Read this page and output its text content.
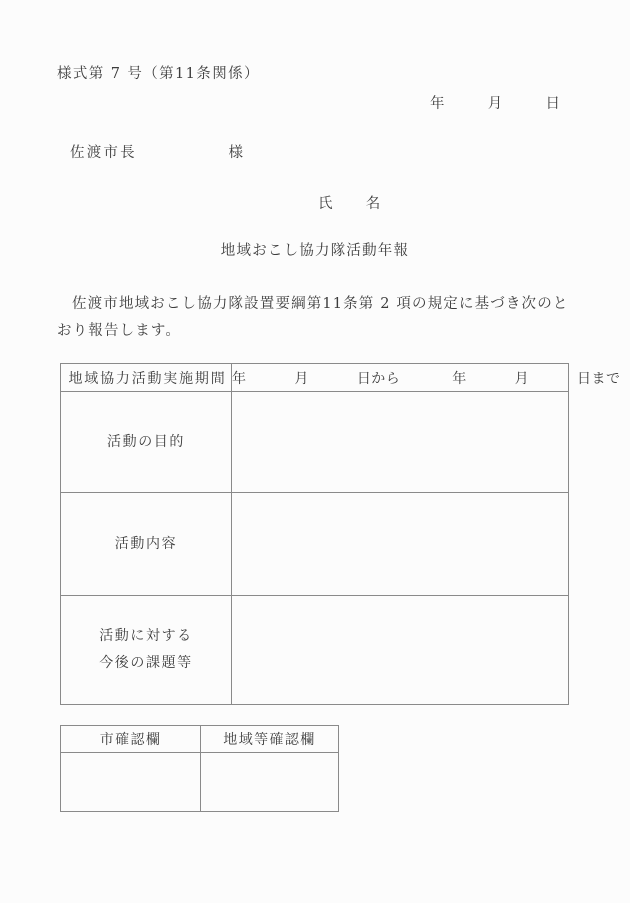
様式第 7 号（第11条関係）
年	月	日
佐渡市長	様
氏 名
地域おこし協力隊活動年報
佐渡市地域おこし協力隊設置要綱第11条第 2 項の規定に基づき次のとおり報告します。
地域協力活動実施期間	年 月 日から 年 月 日まで
活動の目的	
活動内容	

活動に対する
今後の課題等	

市確認欄	地域等確認欄
